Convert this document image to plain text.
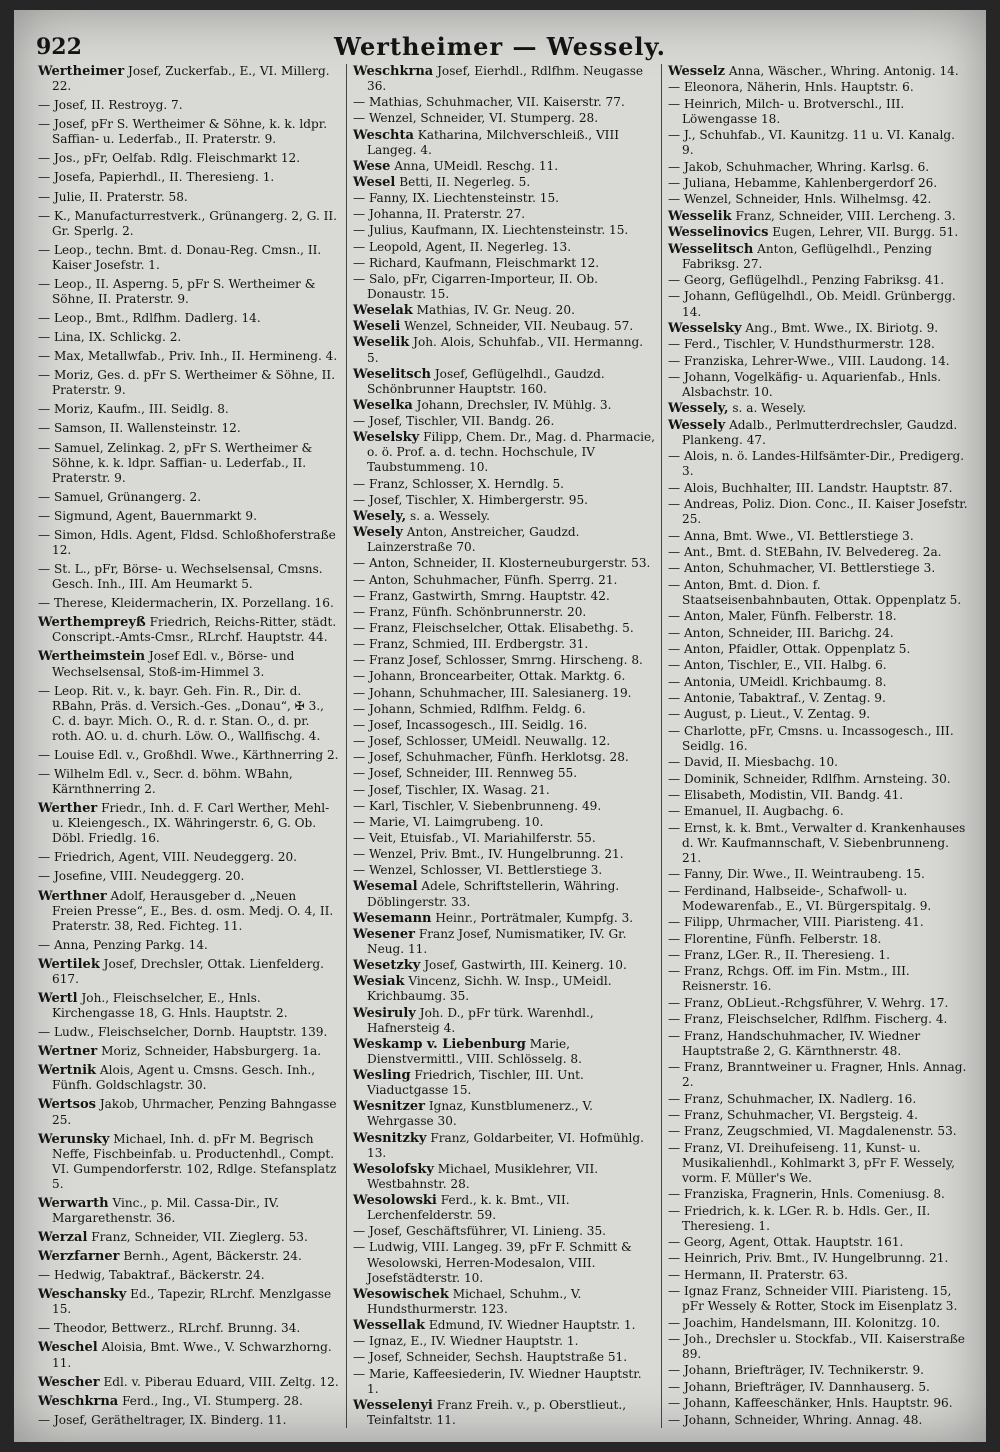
922	Wertheimer — Wessely.
Wertheimer Josef, Zuckerfab., E., VI. Millerg. 22.
— Josef, II. Restroyg. 7.
— Josef, pFr S. Wertheimer & Söhne, k. k. ldpr. Saffian- u. Lederfab., II. Praterstr. 9.
— Jos., pFr, Oelfab. Rdlg. Fleischmarkt 12.
— Josefa, Papierhdl., II. Theresieng. 1.
— Julie, II. Praterstr. 58.
— K., Manufacturrestverk., Grünangerg. 2, G. II. Gr. Sperlg. 2.
— Leop., techn. Bmt. d. Donau-Reg. Cmsn., II. Kaiser Josefstr. 1.
— Leop., II. Asperng. 5, pFr S. Wertheimer & Söhne, II. Praterstr. 9.
— Leop., Bmt., Rdlfhm. Dadlerg. 14.
— Lina, IX. Schlickg. 2.
— Max, Metallwfab., Priv. Inh., II. Hermineng. 4.
— Moriz, Ges. d. pFr S. Wertheimer & Söhne, II. Praterstr. 9.
— Moriz, Kaufm., III. Seidlg. 8.
— Samson, II. Wallensteinstr. 12.
— Samuel, Zelinkag. 2, pFr S. Wertheimer & Söhne, k. k. ldpr. Saffian- u. Lederfab., II. Praterstr. 9.
— Samuel, Grünangerg. 2.
— Sigmund, Agent, Bauernmarkt 9.
— Simon, Hdls. Agent, Fldsd. Schloßhoferstraße 12.
— St. L., pFr, Börse- u. Wechselsensal, Cmsns. Gesch. Inh., III. Am Heumarkt 5.
— Therese, Kleidermacherin, IX. Porzellang. 16.
Werthempreyß Friedrich, Reichs-Ritter, städt. Conscript.-Amts-Cmsr., RLrchf. Hauptstr. 44.
Wertheimstein Josef Edl. v., Börse- und Wechselsensal, Stoß-im-Himmel 3.
— Leop. Rit. v., k. bayr. Geh. Fin. R., Dir. d. RBahn, Präs. d. Versich.-Ges. „Donau“, ✠ 3., C. d. bayr. Mich. O., R. d. r. Stan. O., d. pr. roth. AO. u. d. churh. Löw. O., Wallfischg. 4.
— Louise Edl. v., Großhdl. Wwe., Kärthnerring 2.
— Wilhelm Edl. v., Secr. d. böhm. WBahn, Kärnthnerring 2.
Werther Friedr., Inh. d. F. Carl Werther, Mehl- u. Kleiengesch., IX. Währingerstr. 6, G. Ob. Döbl. Friedlg. 16.
— Friedrich, Agent, VIII. Neudeggerg. 20.
— Josefine, VIII. Neudeggerg. 20.
Werthner Adolf, Herausgeber d. „Neuen Freien Presse“, E., Bes. d. osm. Medj. O. 4, II. Praterstr. 38, Red. Fichteg. 11.
— Anna, Penzing Parkg. 14.
Wertilek Josef, Drechsler, Ottak. Lienfelderg. 617.
Wertl Joh., Fleischselcher, E., Hnls. Kirchengasse 18, G. Hnls. Hauptstr. 2.
— Ludw., Fleischselcher, Dornb. Hauptstr. 139.
Wertner Moriz, Schneider, Habsburgerg. 1a.
Wertnik Alois, Agent u. Cmsns. Gesch. Inh., Fünfh. Goldschlagstr. 30.
Wertsos Jakob, Uhrmacher, Penzing Bahngasse 25.
Werunsky Michael, Inh. d. pFr M. Begrisch Neffe, Fischbeinfab. u. Productenhdl., Compt. VI. Gumpendorferstr. 102, Rdlge. Stefansplatz 5.
Werwarth Vinc., p. Mil. Cassa-Dir., IV. Margarethenstr. 36.
Werzal Franz, Schneider, VII. Zieglerg. 53.
Werzfarner Bernh., Agent, Bäckerstr. 24.
— Hedwig, Tabaktraf., Bäckerstr. 24.
Weschansky Ed., Tapezir, RLrchf. Menzlgasse 15.
— Theodor, Bettwerz., RLrchf. Brunng. 34.
Weschel Aloisia, Bmt. Wwe., V. Schwarzhorng. 11.
Wescher Edl. v. Piberau Eduard, VIII. Zeltg. 12.
Weschkrna Ferd., Ing., VI. Stumperg. 28.
— Josef, Gerätheltrager, IX. Binderg. 11.
Weschkrna Josef, Eierhdl., Rdlfhm. Neugasse 36.
— Mathias, Schuhmacher, VII. Kaiserstr. 77.
— Wenzel, Schneider, VI. Stumperg. 28.
Weschta Katharina, Milchverschleiß., VIII Langeg. 4.
Wese Anna, UMeidl. Reschg. 11.
Wesel Betti, II. Negerleg. 5.
— Fanny, IX. Liechtensteinstr. 15.
— Johanna, II. Praterstr. 27.
— Julius, Kaufmann, IX. Liechtensteinstr. 15.
— Leopold, Agent, II. Negerleg. 13.
— Richard, Kaufmann, Fleischmarkt 12.
— Salo, pFr, Cigarren-Importeur, II. Ob. Donaustr. 15.
Weselak Mathias, IV. Gr. Neug. 20.
Weseli Wenzel, Schneider, VII. Neubaug. 57.
Weselik Joh. Alois, Schuhfab., VII. Hermanng. 5.
Weselitsch Josef, Geflügelhdl., Gaudzd. Schönbrunner Hauptstr. 160.
Weselka Johann, Drechsler, IV. Mühlg. 3.
— Josef, Tischler, VII. Bandg. 26.
Weselsky Filipp, Chem. Dr., Mag. d. Pharmacie, o. ö. Prof. a. d. techn. Hochschule, IV Taubstummeng. 10.
— Franz, Schlosser, X. Herndlg. 5.
— Josef, Tischler, X. Himbergerstr. 95.
Wesely, s. a. Wessely.
Wesely Anton, Anstreicher, Gaudzd. Lainzerstraße 70.
— Anton, Schneider, II. Klosterneuburgerstr. 53.
— Anton, Schuhmacher, Fünfh. Sperrg. 21.
— Franz, Gastwirth, Smrng. Hauptstr. 42.
— Franz, Fünfh. Schönbrunnerstr. 20.
— Franz, Fleischselcher, Ottak. Elisabethg. 5.
— Franz, Schmied, III. Erdbergstr. 31.
— Franz Josef, Schlosser, Smrng. Hirscheng. 8.
— Johann, Broncearbeiter, Ottak. Marktg. 6.
— Johann, Schuhmacher, III. Salesianerg. 19.
— Johann, Schmied, Rdlfhm. Feldg. 6.
— Josef, Incassogesch., III. Seidlg. 16.
— Josef, Schlosser, UMeidl. Neuwallg. 12.
— Josef, Schuhmacher, Fünfh. Herklotsg. 28.
— Josef, Schneider, III. Rennweg 55.
— Josef, Tischler, IX. Wasag. 21.
— Karl, Tischler, V. Siebenbrunneng. 49.
— Marie, VI. Laimgrubeng. 10.
— Veit, Etuisfab., VI. Mariahilferstr. 55.
— Wenzel, Priv. Bmt., IV. Hungelbrunng. 21.
— Wenzel, Schlosser, VI. Bettlerstiege 3.
Wesemal Adele, Schriftstellerin, Währing. Döblingerstr. 33.
Wesemann Heinr., Porträtmaler, Kumpfg. 3.
Wesener Franz Josef, Numismatiker, IV. Gr. Neug. 11.
Wesetzky Josef, Gastwirth, III. Keinerg. 10.
Wesiak Vincenz, Sichh. W. Insp., UMeidl. Krichbaumg. 35.
Wesiruly Joh. D., pFr türk. Warenhdl., Hafnersteig 4.
Weskamp v. Liebenburg Marie, Dienstvermittl., VIII. Schlösselg. 8.
Wesling Friedrich, Tischler, III. Unt. Viaductgasse 15.
Wesnitzer Ignaz, Kunstblumenerz., V. Wehrgasse 30.
Wesnitzky Franz, Goldarbeiter, VI. Hofmühlg. 13.
Wesolofsky Michael, Musiklehrer, VII. Westbahnstr. 28.
Wesolowski Ferd., k. k. Bmt., VII. Lerchenfelderstr. 59.
— Josef, Geschäftsführer, VI. Linieng. 35.
— Ludwig, VIII. Langeg. 39, pFr F. Schmitt & Wesolowski, Herren-Modesalon, VIII. Josefstädterstr. 10.
Wesowischek Michael, Schuhm., V. Hundsthurmerstr. 123.
Wessellak Edmund, IV. Wiedner Hauptstr. 1.
— Ignaz, E., IV. Wiedner Hauptstr. 1.
— Josef, Schneider, Sechsh. Hauptstraße 51.
— Marie, Kaffeesiederin, IV. Wiedner Hauptstr. 1.
Wesselenyi Franz Freih. v., p. Oberstlieut., Teinfaltstr. 11.
Wesselz Anna, Wäscher., Whring. Antonig. 14.
— Eleonora, Näherin, Hnls. Hauptstr. 6.
— Heinrich, Milch- u. Brotverschl., III. Löwengasse 18.
— J., Schuhfab., VI. Kaunitzg. 11 u. VI. Kanalg. 9.
— Jakob, Schuhmacher, Whring. Karlsg. 6.
— Juliana, Hebamme, Kahlenbergerdorf 26.
— Wenzel, Schneider, Hnls. Wilhelmsg. 42.
Wesselik Franz, Schneider, VIII. Lercheng. 3.
Wesselinovics Eugen, Lehrer, VII. Burgg. 51.
Wesselitsch Anton, Geflügelhdl., Penzing Fabriksg. 27.
— Georg, Geflügelhdl., Penzing Fabriksg. 41.
— Johann, Geflügelhdl., Ob. Meidl. Grünbergg. 14.
Wesselsky Ang., Bmt. Wwe., IX. Biriotg. 9.
— Ferd., Tischler, V. Hundsthurmerstr. 128.
— Franziska, Lehrer-Wwe., VIII. Laudong. 14.
— Johann, Vogelkäfig- u. Aquarienfab., Hnls. Alsbachstr. 10.
Wessely, s. a. Wesely.
Wessely Adalb., Perlmutterdrechsler, Gaudzd. Plankeng. 47.
— Alois, n. ö. Landes-Hilfsämter-Dir., Predigerg. 3.
— Alois, Buchhalter, III. Landstr. Hauptstr. 87.
— Andreas, Poliz. Dion. Conc., II. Kaiser Josefstr. 25.
— Anna, Bmt. Wwe., VI. Bettlerstiege 3.
— Ant., Bmt. d. StEBahn, IV. Belvedereg. 2a.
— Anton, Schuhmacher, VI. Bettlerstiege 3.
— Anton, Bmt. d. Dion. f. Staatseisenbahnbauten, Ottak. Oppenplatz 5.
— Anton, Maler, Fünfh. Felberstr. 18.
— Anton, Schneider, III. Barichg. 24.
— Anton, Pfaidler, Ottak. Oppenplatz 5.
— Anton, Tischler, E., VII. Halbg. 6.
— Antonia, UMeidl. Krichbaumg. 8.
— Antonie, Tabaktraf., V. Zentag. 9.
— August, p. Lieut., V. Zentag. 9.
— Charlotte, pFr, Cmsns. u. Incassogesch., III. Seidlg. 16.
— David, II. Miesbachg. 10.
— Dominik, Schneider, Rdlfhm. Arnsteing. 30.
— Elisabeth, Modistin, VII. Bandg. 41.
— Emanuel, II. Augbachg. 6.
— Ernst, k. k. Bmt., Verwalter d. Krankenhauses d. Wr. Kaufmannschaft, V. Siebenbrunneng. 21.
— Fanny, Dir. Wwe., II. Weintraubeng. 15.
— Ferdinand, Halbseide-, Schafwoll- u. Modewarenfab., E., VI. Bürgerspitalg. 9.
— Filipp, Uhrmacher, VIII. Piaristeng. 41.
— Florentine, Fünfh. Felberstr. 18.
— Franz, LGer. R., II. Theresieng. 1.
— Franz, Rchgs. Off. im Fin. Mstm., III. Reisnerstr. 16.
— Franz, ObLieut.-Rchgsführer, V. Wehrg. 17.
— Franz, Fleischselcher, Rdlfhm. Fischerg. 4.
— Franz, Handschuhmacher, IV. Wiedner Hauptstraße 2, G. Kärnthnerstr. 48.
— Franz, Branntweiner u. Fragner, Hnls. Annag. 2.
— Franz, Schuhmacher, IX. Nadlerg. 16.
— Franz, Schuhmacher, VI. Bergsteig. 4.
— Franz, Zeugschmied, VI. Magdalenenstr. 53.
— Franz, VI. Dreihufeiseng. 11, Kunst- u. Musikalienhdl., Kohlmarkt 3, pFr F. Wessely, vorm. F. Müller's We.
— Franziska, Fragnerin, Hnls. Comeniusg. 8.
— Friedrich, k. k. LGer. R. b. Hdls. Ger., II. Theresieng. 1.
— Georg, Agent, Ottak. Hauptstr. 161.
— Heinrich, Priv. Bmt., IV. Hungelbrunng. 21.
— Hermann, II. Praterstr. 63.
— Ignaz Franz, Schneider VIII. Piaristeng. 15, pFr Wessely & Rotter, Stock im Eisenplatz 3.
— Joachim, Handelsmann, III. Kolonitzg. 10.
— Joh., Drechsler u. Stockfab., VII. Kaiserstraße 89.
— Johann, Briefträger, IV. Technikerstr. 9.
— Johann, Briefträger, IV. Dannhauserg. 5.
— Johann, Kaffeeschänker, Hnls. Hauptstr. 96.
— Johann, Schneider, Whring. Annag. 48.
